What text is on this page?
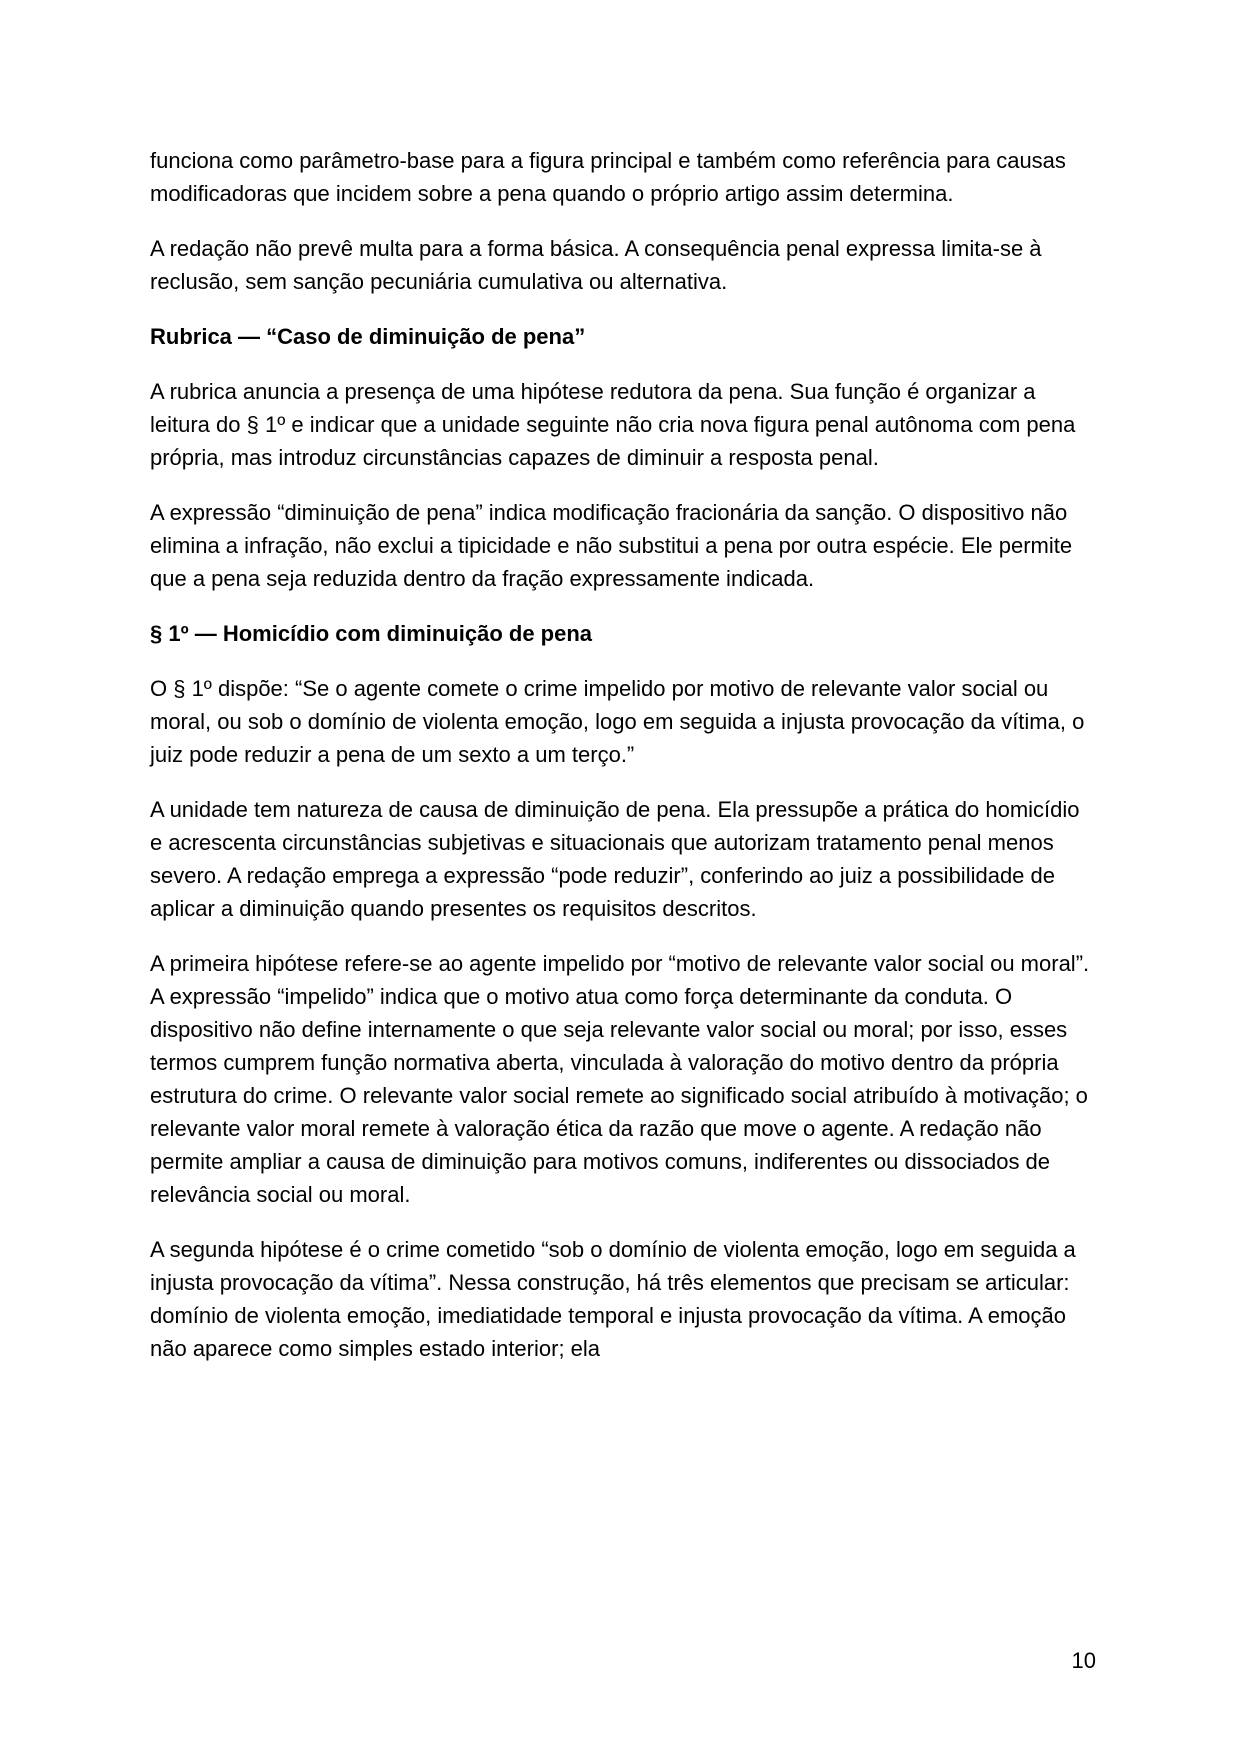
funciona como parâmetro-base para a figura principal e também como referência para causas modificadoras que incidem sobre a pena quando o próprio artigo assim determina.

A redação não prevê multa para a forma básica. A consequência penal expressa limita-se à reclusão, sem sanção pecuniária cumulativa ou alternativa.

Rubrica — “Caso de diminuição de pena”

A rubrica anuncia a presença de uma hipótese redutora da pena. Sua função é organizar a leitura do § 1º e indicar que a unidade seguinte não cria nova figura penal autônoma com pena própria, mas introduz circunstâncias capazes de diminuir a resposta penal.

A expressão “diminuição de pena” indica modificação fracionária da sanção. O dispositivo não elimina a infração, não exclui a tipicidade e não substitui a pena por outra espécie. Ele permite que a pena seja reduzida dentro da fração expressamente indicada.

§ 1º — Homicídio com diminuição de pena

O § 1º dispõe: “Se o agente comete o crime impelido por motivo de relevante valor social ou moral, ou sob o domínio de violenta emoção, logo em seguida a injusta provocação da vítima, o juiz pode reduzir a pena de um sexto a um terço.”

A unidade tem natureza de causa de diminuição de pena. Ela pressupõe a prática do homicídio e acrescenta circunstâncias subjetivas e situacionais que autorizam tratamento penal menos severo. A redação emprega a expressão “pode reduzir”, conferindo ao juiz a possibilidade de aplicar a diminuição quando presentes os requisitos descritos.

A primeira hipótese refere-se ao agente impelido por “motivo de relevante valor social ou moral”. A expressão “impelido” indica que o motivo atua como força determinante da conduta. O dispositivo não define internamente o que seja relevante valor social ou moral; por isso, esses termos cumprem função normativa aberta, vinculada à valoração do motivo dentro da própria estrutura do crime. O relevante valor social remete ao significado social atribuído à motivação; o relevante valor moral remete à valoração ética da razão que move o agente. A redação não permite ampliar a causa de diminuição para motivos comuns, indiferentes ou dissociados de relevância social ou moral.

A segunda hipótese é o crime cometido “sob o domínio de violenta emoção, logo em seguida a injusta provocação da vítima”. Nessa construção, há três elementos que precisam se articular: domínio de violenta emoção, imediatidade temporal e injusta provocação da vítima. A emoção não aparece como simples estado interior; ela

10
